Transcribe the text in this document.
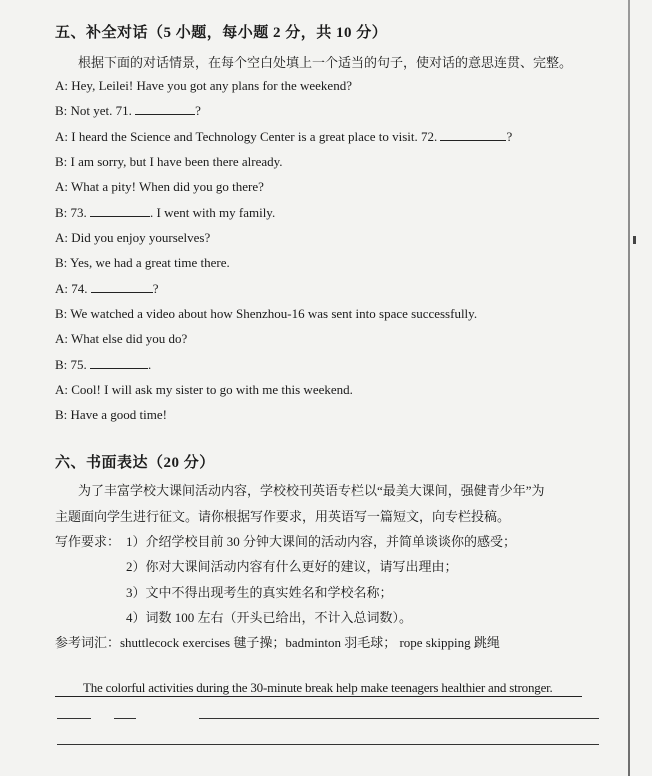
五、补全对话（5 小题，每小题 2 分，共 10 分）
根据下面的对话情景，在每个空白处填上一个适当的句子，使对话的意思连贯、完整。
A: Hey, Leilei! Have you got any plans for the weekend?
B: Not yet. 71.	?
A: I heard the Science and Technology Center is a great place to visit. 72.	?
B: I am sorry, but I have been there already.
A: What a pity! When did you go there?
B: 73.	. I went with my family.
A: Did you enjoy yourselves?
B: Yes, we had a great time there.
A: 74.	?
B: We watched a video about how Shenzhou-16 was sent into space successfully.
A: What else did you do?
B: 75.	.
A: Cool! I will ask my sister to go with me this weekend.
B: Have a good time!
六、书面表达（20 分）
为了丰富学校大课间活动内容，学校校刊英语专栏以“最美大课间，强健青少年”为
主题面向学生进行征文。请你根据写作要求，用英语写一篇短文，向专栏投稿。
写作要求： 1）介绍学校目前 30 分钟大课间的活动内容，并简单谈谈你的感受；
2）你对大课间活动内容有什么更好的建议，请写出理由；
3）文中不得出现考生的真实姓名和学校名称；
4）词数 100 左右（开头已给出，不计入总词数）。
参考词汇：shuttlecock exercises 毽子操；badminton 羽毛球； rope skipping 跳绳
The colorful activities during the 30-minute break help make teenagers healthier and stronger.
